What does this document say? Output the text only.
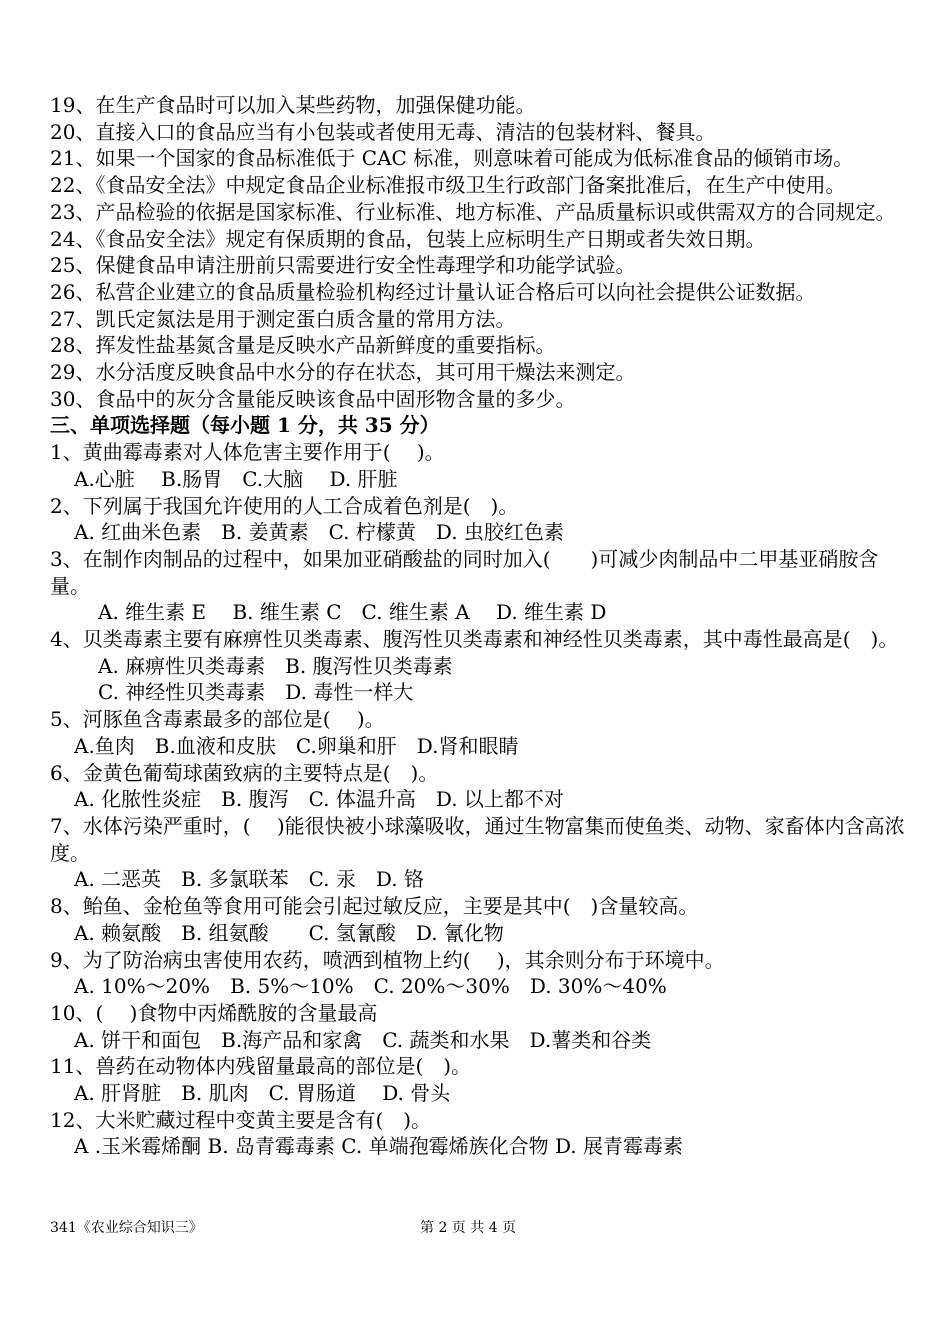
19、在生产食品时可以加入某些药物，加强保健功能。
20、直接入口的食品应当有小包装或者使用无毒、清洁的包装材料、餐具。
21、如果一个国家的食品标准低于 CAC 标准，则意味着可能成为低标准食品的倾销市场。
22、《食品安全法》中规定食品企业标准报市级卫生行政部门备案批准后，在生产中使用。
23、产品检验的依据是国家标准、行业标准、地方标准、产品质量标识或供需双方的合同规定。
24、《食品安全法》规定有保质期的食品，包装上应标明生产日期或者失效日期。
25、保健食品申请注册前只需要进行安全性毒理学和功能学试验。
26、私营企业建立的食品质量检验机构经过计量认证合格后可以向社会提供公证数据。
27、凯氏定氮法是用于测定蛋白质含量的常用方法。
28、挥发性盐基氮含量是反映水产品新鲜度的重要指标。
29、水分活度反映食品中水分的存在状态，其可用干燥法来测定。
30、食品中的灰分含量能反映该食品中固形物含量的多少。
三、单项选择题（每小题 1 分，共 35 分）
1、黄曲霉毒素对人体危害主要作用于(　 )。
A.心脏　 B.肠胃　C.大脑　 D. 肝脏
2、下列属于我国允许使用的人工合成着色剂是(　)。
A. 红曲米色素　B. 姜黄素　C. 柠檬黄　D. 虫胶红色素
3、在制作肉制品的过程中，如果加亚硝酸盐的同时加入(　　)可减少肉制品中二甲基亚硝胺含量。
A. 维生素 E　 B. 维生素 C　C. 维生素 A　 D. 维生素 D
4、贝类毒素主要有麻痹性贝类毒素、腹泻性贝类毒素和神经性贝类毒素，其中毒性最高是(　)。
A. 麻痹性贝类毒素　B. 腹泻性贝类毒素
C. 神经性贝类毒素　D. 毒性一样大
5、河豚鱼含毒素最多的部位是(　 )。
A.鱼肉　B.血液和皮肤　C.卵巢和肝　D.肾和眼睛
6、金黄色葡萄球菌致病的主要特点是(　)。
A. 化脓性炎症　B. 腹泻　C. 体温升高　D. 以上都不对
7、水体污染严重时，(　 )能很快被小球藻吸收，通过生物富集而使鱼类、动物、家畜体内含高浓度。
A. 二恶英　B. 多氯联苯　C. 汞　D. 铬
8、鲐鱼、金枪鱼等食用可能会引起过敏反应，主要是其中(　)含量较高。
A. 赖氨酸　B. 组氨酸　　C. 氢氰酸　D. 氰化物
9、为了防治病虫害使用农药，喷洒到植物上约(　 )，其余则分布于环境中。
A. 10%～20%　B. 5%～10%　C. 20%～30%　D. 30%～40%
10、(　 )食物中丙烯酰胺的含量最高
A. 饼干和面包　B.海产品和家禽　C. 蔬类和水果　D.薯类和谷类
11、兽药在动物体内残留量最高的部位是(　)。
A. 肝肾脏　B. 肌肉　C. 胃肠道　 D. 骨头
12、大米贮藏过程中变黄主要是含有(　)。
A .玉米霉烯酮 B. 岛青霉毒素 C. 单端孢霉烯族化合物 D. 展青霉毒素
341《农业综合知识三》	第 2 页 共 4 页
